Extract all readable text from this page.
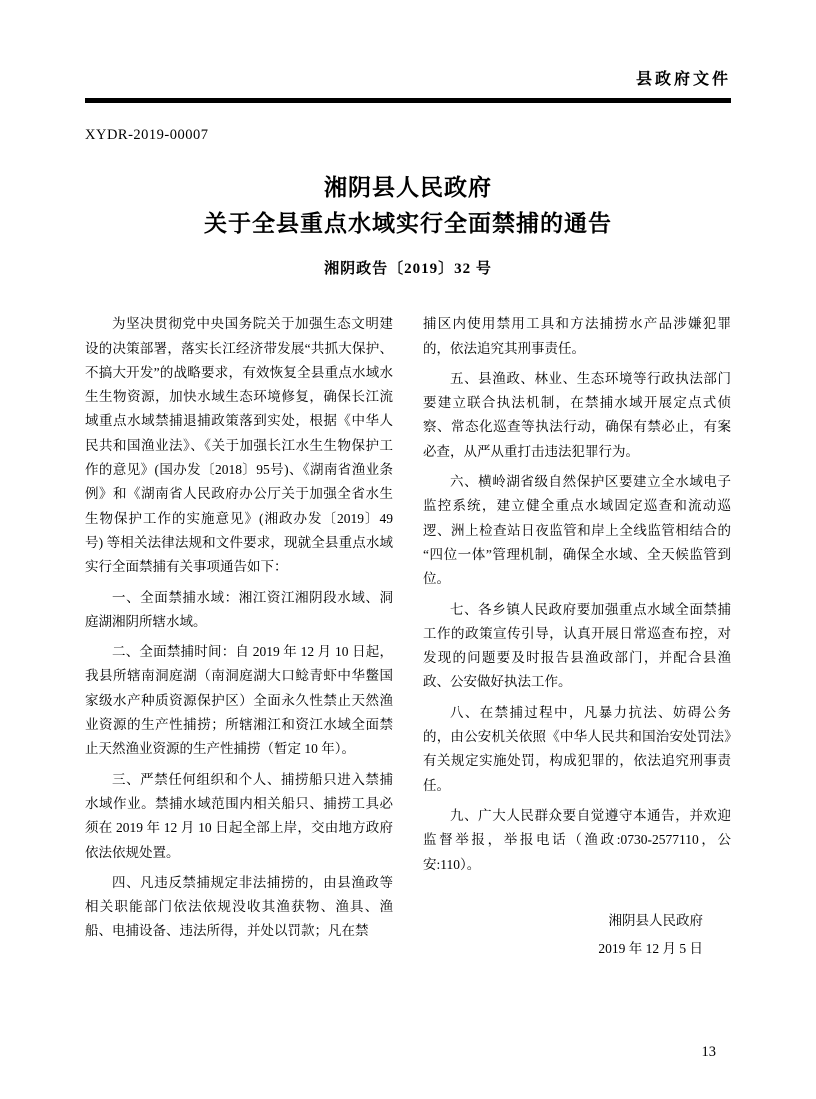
县政府文件
XYDR-2019-00007
湘阴县人民政府
关于全县重点水域实行全面禁捕的通告
湘阴政告〔2019〕32 号

为坚决贯彻党中央国务院关于加强生态文明建设的决策部署，落实长江经济带发展“共抓大保护、不搞大开发”的战略要求，有效恢复全县重点水域水生生物资源，加快水域生态环境修复，确保长江流域重点水域禁捕退捕政策落到实处，根据《中华人民共和国渔业法》、《关于加强长江水生生物保护工作的意见》(国办发〔2018〕95号)、《湖南省渔业条例》和《湖南省人民政府办公厅关于加强全省水生生物保护工作的实施意见》(湘政办发〔2019〕49 号) 等相关法律法规和文件要求，现就全县重点水域实行全面禁捕有关事项通告如下：

一、全面禁捕水域：湘江资江湘阴段水域、洞庭湖湘阴所辖水域。

二、全面禁捕时间：自 2019 年 12 月 10 日起，我县所辖南洞庭湖（南洞庭湖大口鲶青虾中华鳖国家级水产种质资源保护区）全面永久性禁止天然渔业资源的生产性捕捞；所辖湘江和资江水域全面禁止天然渔业资源的生产性捕捞（暂定 10 年）。

三、严禁任何组织和个人、捕捞船只进入禁捕水域作业。禁捕水域范围内相关船只、捕捞工具必须在 2019 年 12 月 10 日起全部上岸，交由地方政府依法依规处置。

四、凡违反禁捕规定非法捕捞的，由县渔政等相关职能部门依法依规没收其渔获物、渔具、渔船、电捕设备、违法所得，并处以罚款；凡在禁

捕区内使用禁用工具和方法捕捞水产品涉嫌犯罪的，依法追究其刑事责任。

五、县渔政、林业、生态环境等行政执法部门要建立联合执法机制，在禁捕水域开展定点式侦察、常态化巡查等执法行动，确保有禁必止，有案必查，从严从重打击违法犯罪行为。

六、横岭湖省级自然保护区要建立全水域电子监控系统，建立健全重点水域固定巡查和流动巡逻、洲上检查站日夜监管和岸上全线监管相结合的“四位一体”管理机制，确保全水域、全天候监管到位。

七、各乡镇人民政府要加强重点水域全面禁捕工作的政策宣传引导，认真开展日常巡查布控，对发现的问题要及时报告县渔政部门，并配合县渔政、公安做好执法工作。

八、在禁捕过程中，凡暴力抗法、妨碍公务的，由公安机关依照《中华人民共和国治安处罚法》有关规定实施处罚，构成犯罪的，依法追究刑事责任。

九、广大人民群众要自觉遵守本通告，并欢迎监督举报，举报电话（渔政:0730-2577110，公安:110）。

湘阴县人民政府
2019 年 12 月 5 日
13
